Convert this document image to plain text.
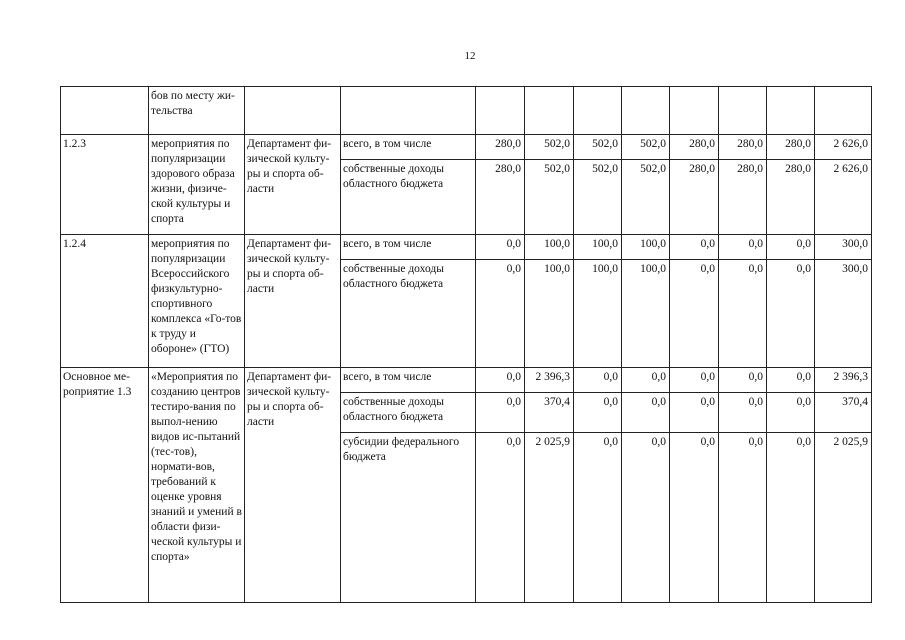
12
	бов по месту жи-тельства										
1.2.3	мероприятия по популяризации здорового образа жизни, физиче-ской культуры и спорта	Департамент фи-зической культу-ры и спорта об-ласти	всего, в том числе	280,0	502,0	502,0	502,0	280,0	280,0	280,0	2 626,0
			собственные доходы областного бюджета	280,0	502,0	502,0	502,0	280,0	280,0	280,0	2 626,0
1.2.4	мероприятия по популяризации Всероссийского физкультурно-спортивного комплекса «Го-тов к труду и обороне» (ГТО)	Департамент фи-зической культу-ры и спорта об-ласти	всего, в том числе	0,0	100,0	100,0	100,0	0,0	0,0	0,0	300,0
			собственные доходы областного бюджета	0,0	100,0	100,0	100,0	0,0	0,0	0,0	300,0
Основное ме-роприятие 1.3	«Мероприятия по созданию центров тестиро-вания по выпол-нению видов ис-пытаний (тес-тов), нормати-вов, требований к оценке уровня знаний и умений в области физи-ческой культуры и спорта»	Департамент фи-зической культу-ры и спорта об-ласти	всего, в том числе	0,0	2 396,3	0,0	0,0	0,0	0,0	0,0	2 396,3
			собственные доходы областного бюджета	0,0	370,4	0,0	0,0	0,0	0,0	0,0	370,4
			субсидии федерального бюджета	0,0	2 025,9	0,0	0,0	0,0	0,0	0,0	2 025,9
